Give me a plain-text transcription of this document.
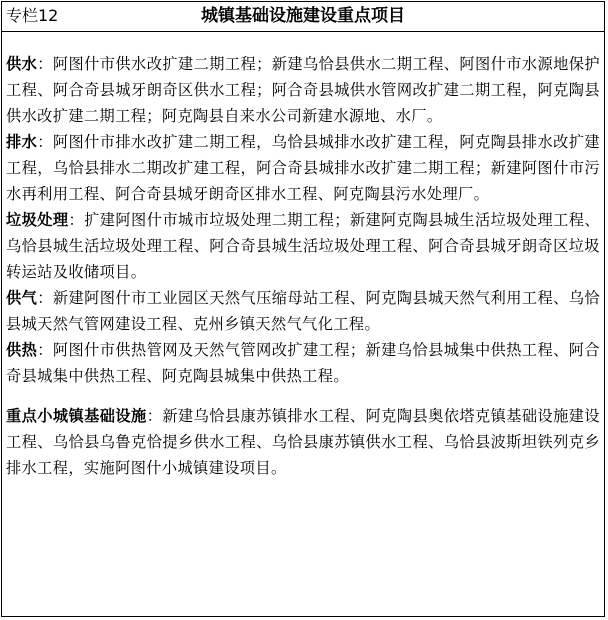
专栏12	城镇基础设施建设重点项目

供水：阿图什市供水改扩建二期工程；新建乌恰县供水二期工程、阿图什市水源地保护工程、阿合奇县城牙朗奇区供水工程；阿合奇县城供水管网改扩建二期工程，阿克陶县供水改扩建二期工程；阿克陶县自来水公司新建水源地、水厂。

排水：阿图什市排水改扩建二期工程，乌恰县城排水改扩建工程，阿克陶县排水改扩建工程，乌恰县排水二期改扩建工程，阿合奇县城排水改扩建二期工程；新建阿图什市污水再利用工程、阿合奇县城牙朗奇区排水工程、阿克陶县污水处理厂。

垃圾处理：扩建阿图什市城市垃圾处理二期工程；新建阿克陶县城生活垃圾处理工程、乌恰县城生活垃圾处理工程、阿合奇县城生活垃圾处理工程、阿合奇县城牙朗奇区垃圾转运站及收储项目。

供气：新建阿图什市工业园区天然气压缩母站工程、阿克陶县城天然气利用工程、乌恰县城天然气管网建设工程、克州乡镇天然气气化工程。

供热：阿图什市供热管网及天然气管网改扩建工程；新建乌恰县城集中供热工程、阿合奇县城集中供热工程、阿克陶县城集中供热工程。

重点小城镇基础设施：新建乌恰县康苏镇排水工程、阿克陶县奥依塔克镇基础设施建设工程、乌恰县乌鲁克恰提乡供水工程、乌恰县康苏镇供水工程、乌恰县波斯坦铁列克乡排水工程，实施阿图什小城镇建设项目。
